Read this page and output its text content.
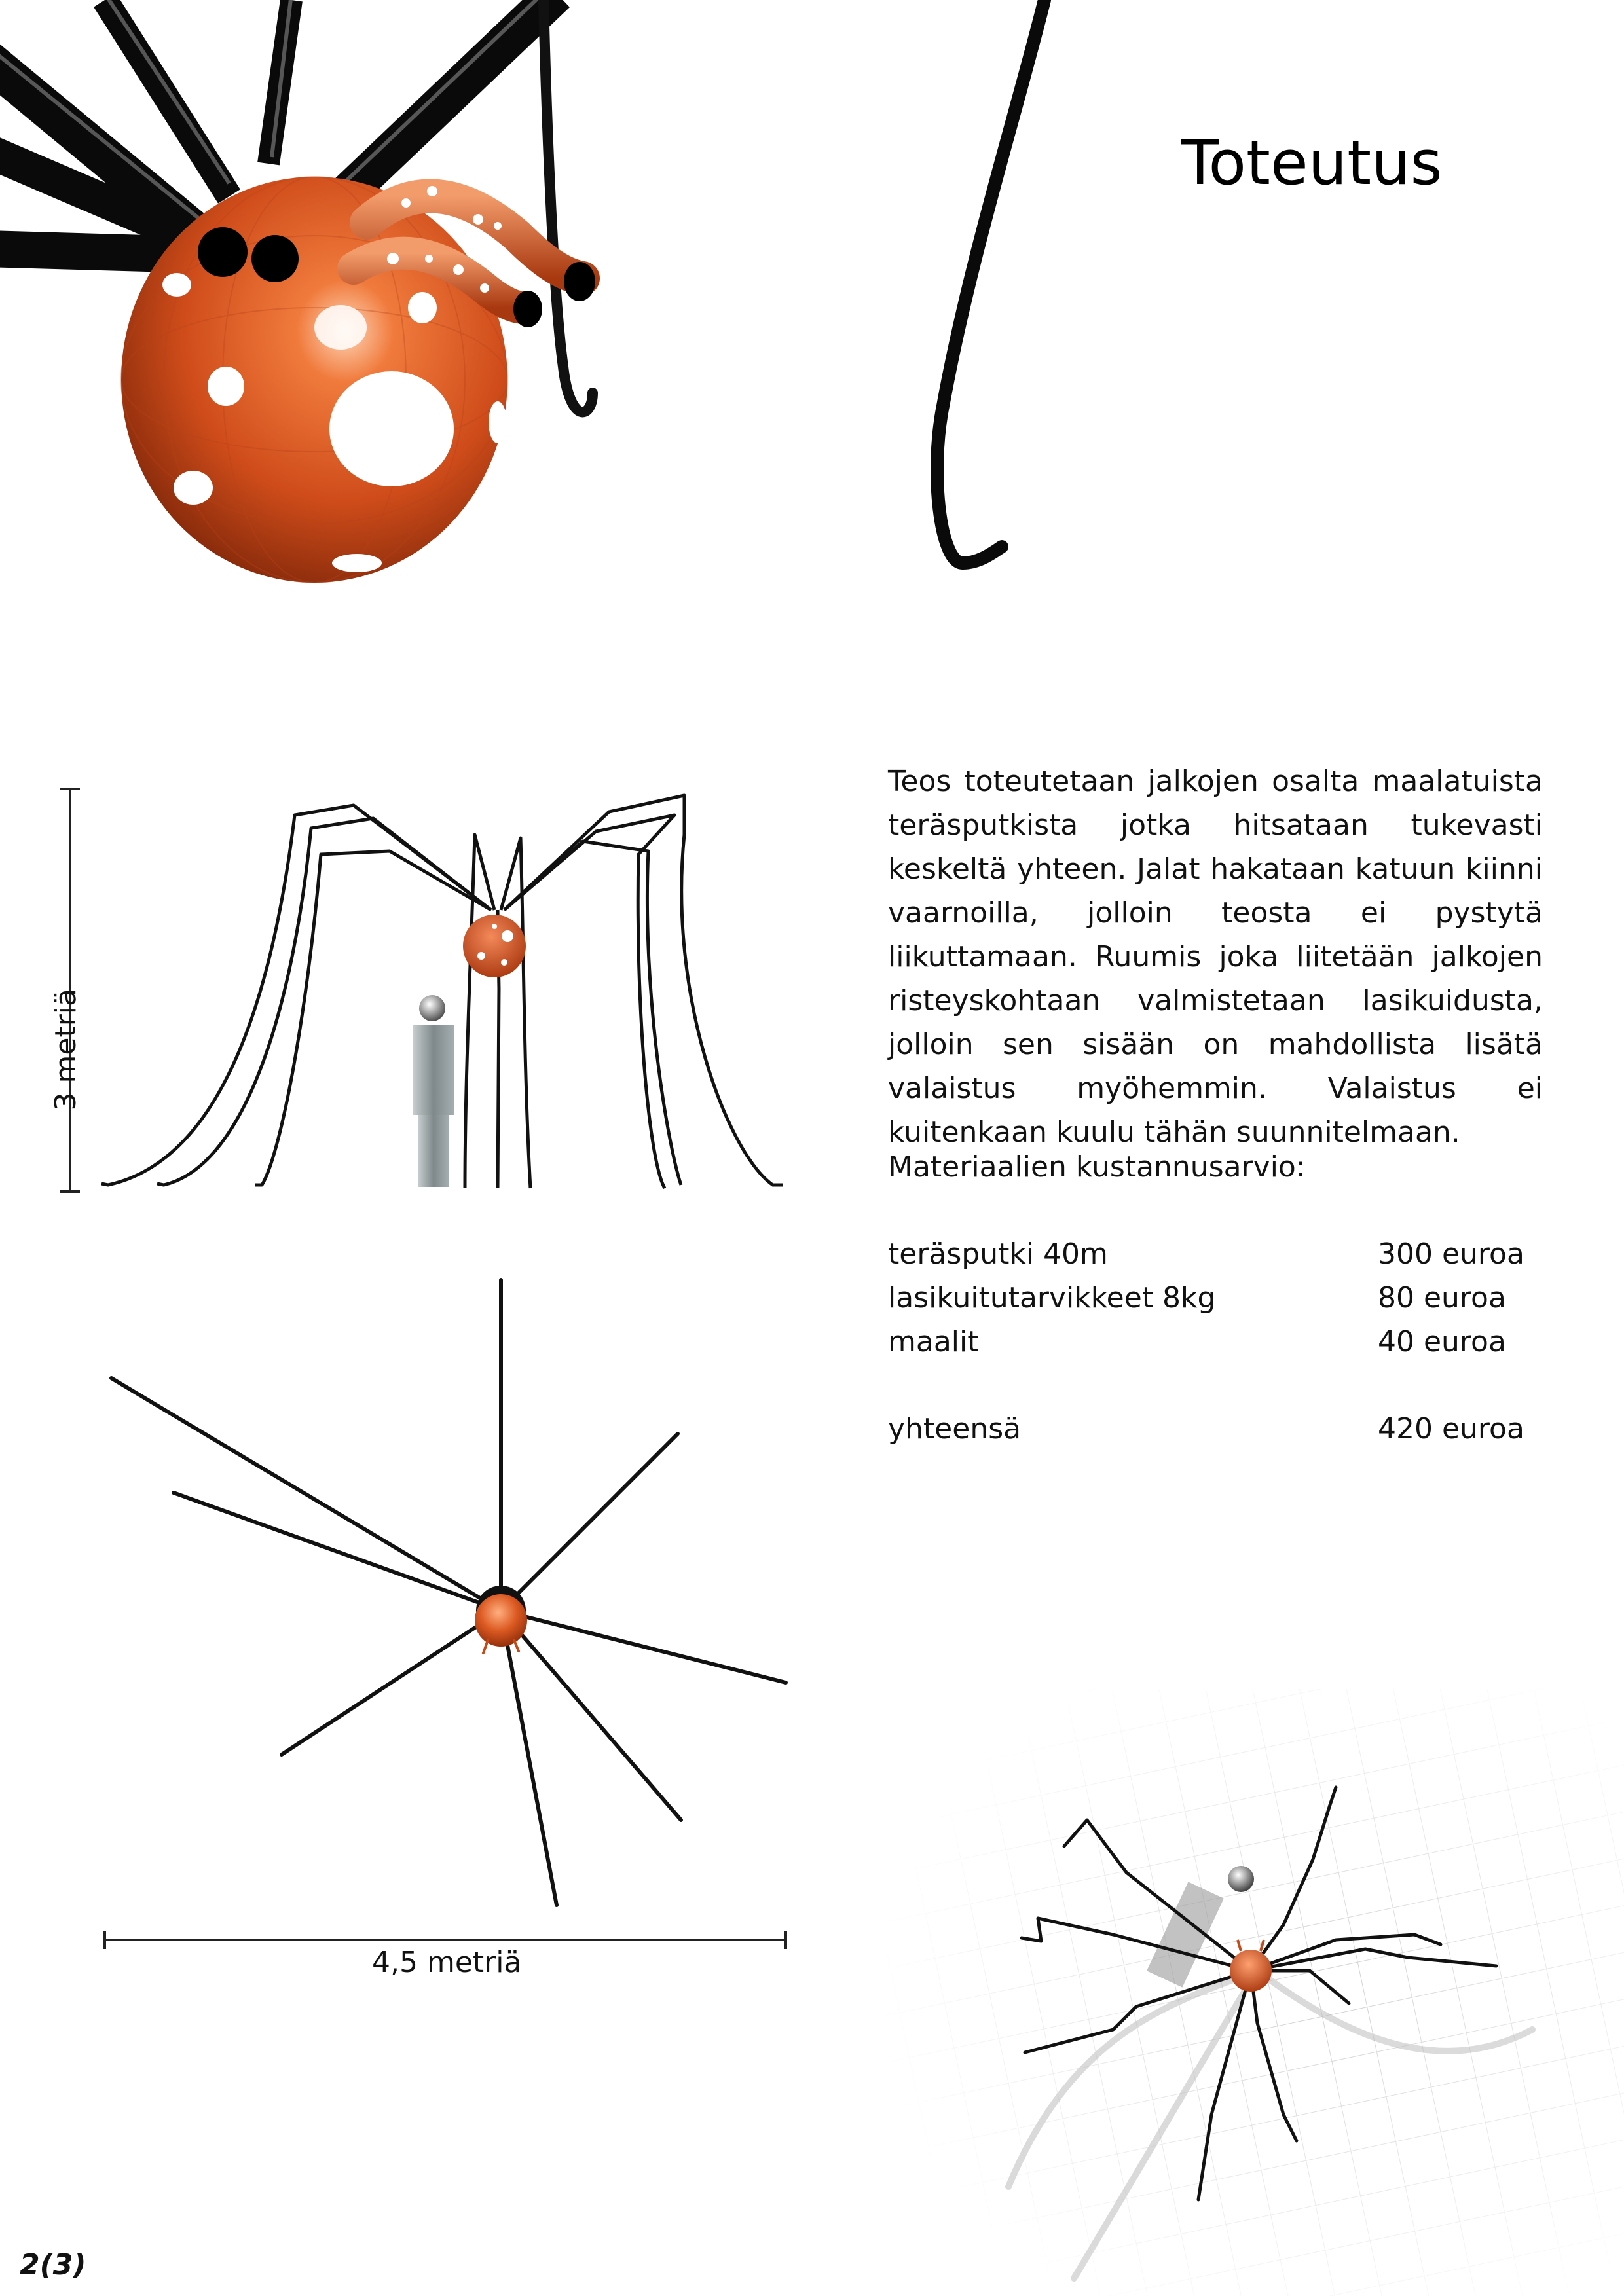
Toteutus
3 metriä
4,5 metriä

Teos toteutetaan jalkojen osalta maalatuista teräsputkista jotka hitsataan tukevasti keskeltä yhteen. Jalat hakataan katuun kiinni vaarnoilla, jolloin teosta ei pystytä liikuttamaan. Ruumis joka liitetään jalkojen risteyskohtaan valmistetaan lasikuidusta, jolloin sen sisään on mahdollista lisätä valaistus myöhemmin. Valaistus ei kuitenkaan kuulu tähän suunnitelmaan.

Materiaalien kustannusarvio:
teräsputki 40m	300 euroa
lasikuitutarvikkeet 8kg	80 euroa
maalit	40 euroa
yhteensä	420 euroa
2(3)
